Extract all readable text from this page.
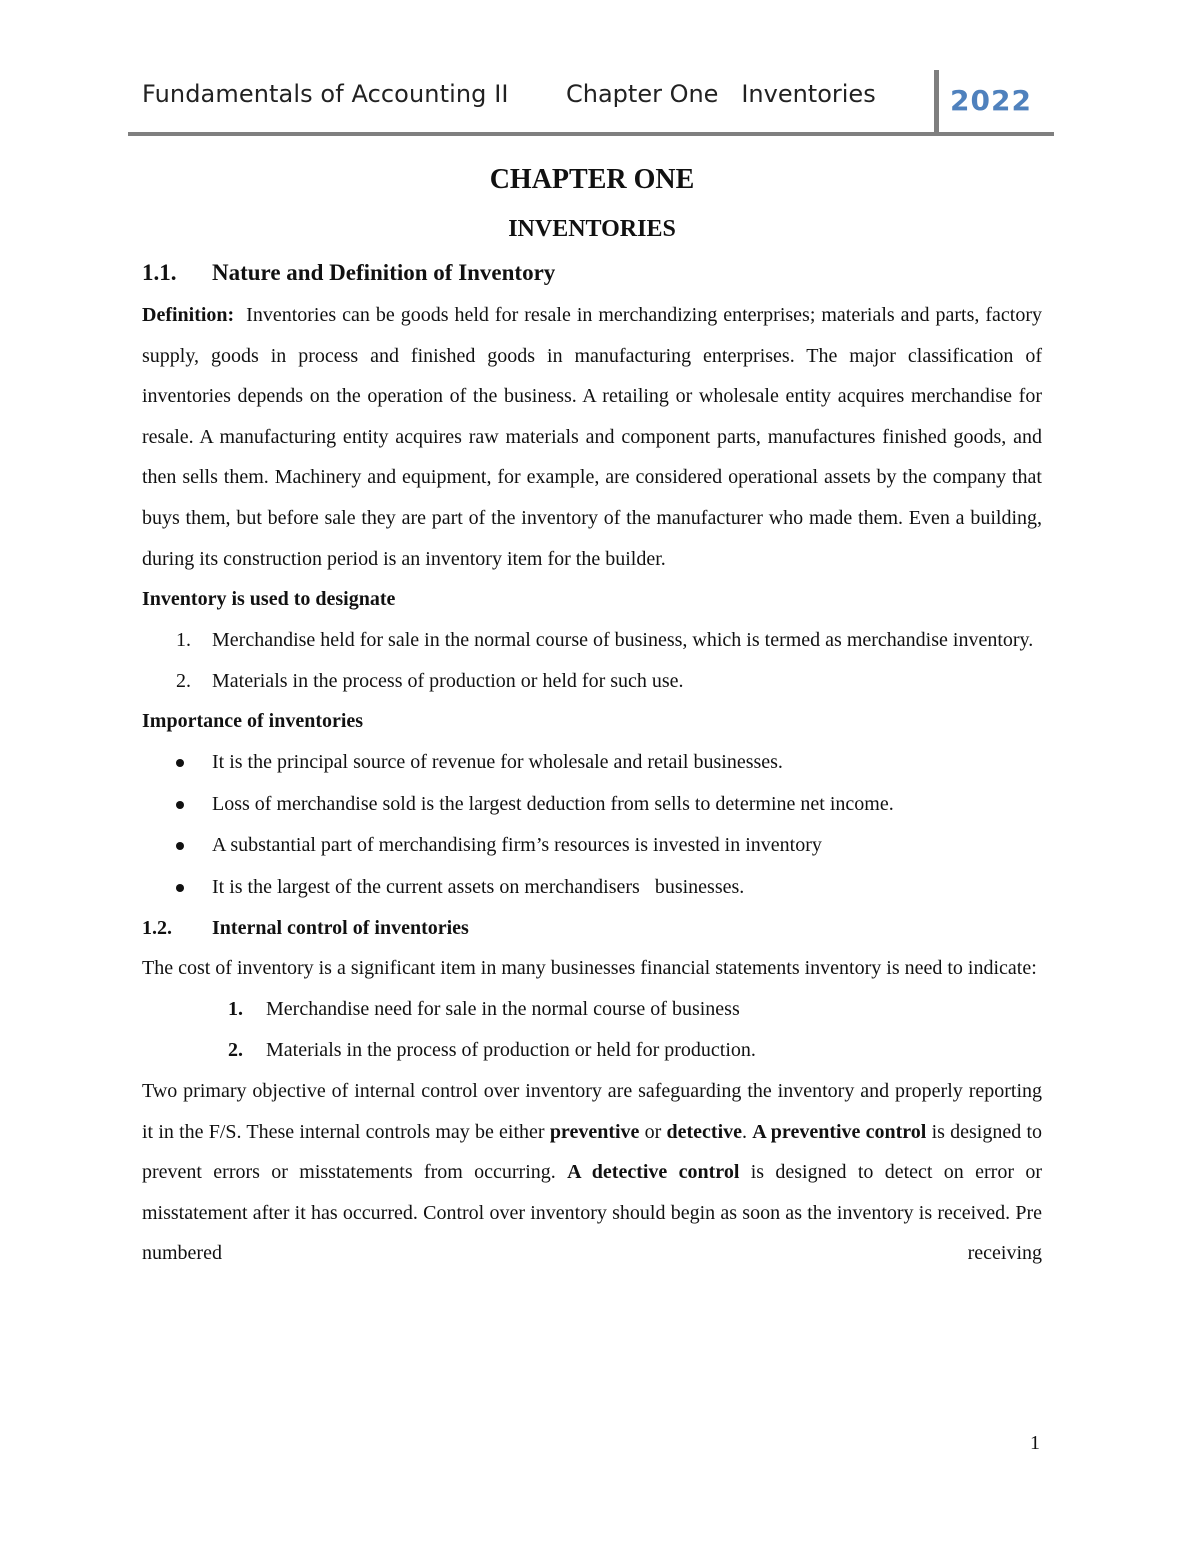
Fundamentals of Accounting II Chapter One   Inventories	2022

CHAPTER ONE

INVENTORIES

1.1. Nature and Definition of Inventory

Definition:  Inventories can be goods held for resale in merchandizing enterprises; materials and parts, factory supply, goods in process and finished goods in manufacturing enterprises. The major classification of inventories depends on the operation of the business. A retailing or wholesale entity acquires merchandise for resale. A manufacturing entity acquires raw materials and component parts, manufactures finished goods, and then sells them. Machinery and equipment, for example, are considered operational assets by the company that buys them, but before sale they are part of the inventory of the manufacturer who made them. Even a building, during its construction period is an inventory item for the builder.

Inventory is used to designate

1. Merchandise held for sale in the normal course of business, which is termed as merchandise inventory.
2. Materials in the process of production or held for such use.

Importance of inventories

It is the principal source of revenue for wholesale and retail businesses.
Loss of merchandise sold is the largest deduction from sells to determine net income.
A substantial part of merchandising firm’s resources is invested in inventory
It is the largest of the current assets on merchandisers   businesses.

1.2. Internal control of inventories

The cost of inventory is a significant item in many businesses financial statements inventory is need to indicate:

1. Merchandise need for sale in the normal course of business
2. Materials in the process of production or held for production.

Two primary objective of internal control over inventory are safeguarding the inventory and properly reporting it in the F/S. These internal controls may be either preventive or detective. A preventive control is designed to prevent errors or misstatements from occurring. A detective control is designed to detect on error or misstatement after it has occurred. Control over inventory should begin as soon as the inventory is received. Pre numbered receiving

1
